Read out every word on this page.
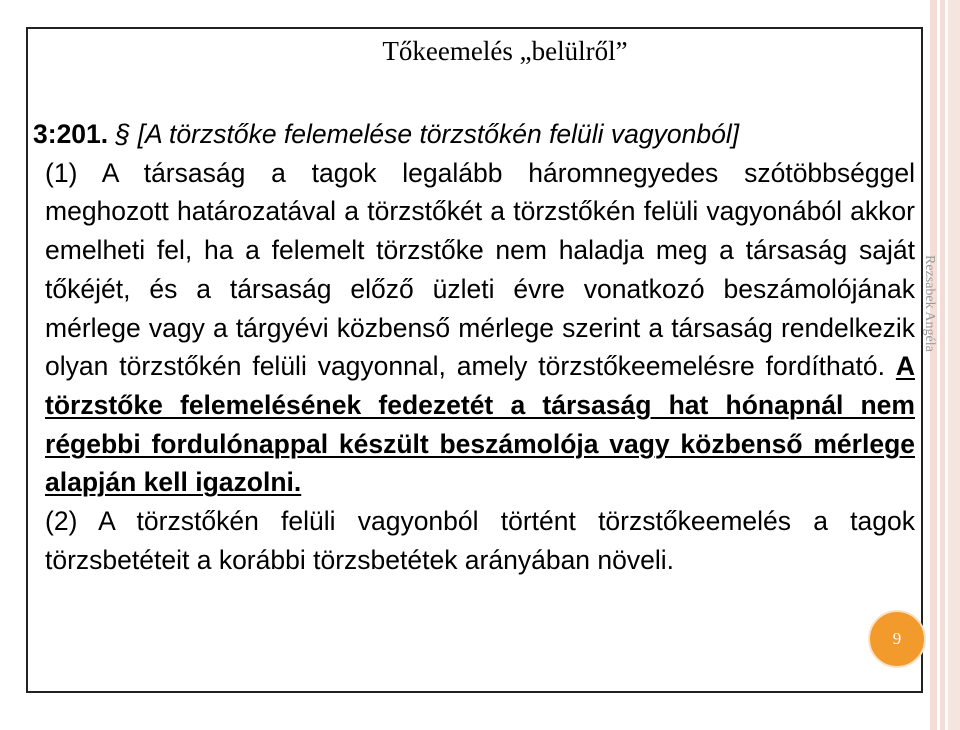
Tőkeemelés „belülről”
3:201. § [A törzstőke felemelése törzstőkén felüli vagyonból]
(1) A társaság a tagok legalább háromnegyedes szótöbbséggel meghozott határozatával a törzstőkét a törzstőkén felüli vagyonából akkor emelheti fel, ha a felemelt törzstőke nem haladja meg a társaság saját tőkéjét, és a társaság előző üzleti évre vonatkozó beszámolójának mérlege vagy a tárgyévi közbenső mérlege szerint a társaság rendelkezik olyan törzstőkén felüli vagyonnal, amely törzstőkeemelésre fordítható. A törzstőke felemelésének fedezetét a társaság hat hónapnál nem régebbi fordulónappal készült beszámolója vagy közbenső mérlege alapján kell igazolni.
(2) A törzstőkén felüli vagyonból történt törzstőkeemelés a tagok törzsbetéteit a korábbi törzsbetétek arányában növeli.
Rezsabek Angéla
9
